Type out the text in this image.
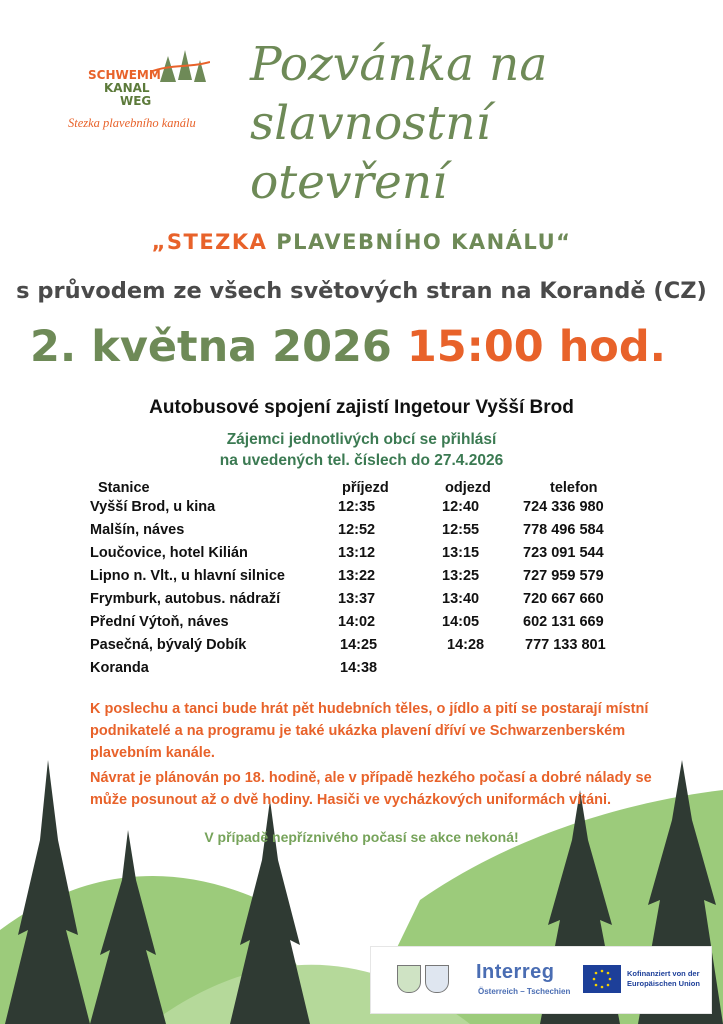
SCHWEMM
KANAL
WEG
Stezka plavebního kanálu
Pozvánka na
slavnostní
otevření
„STEZKA PLAVEBNÍHO KANÁLU“
s průvodem ze všech světových stran na Korandě (CZ)
2. května 2026 15:00 hod.
Autobusové spojení zajistí Ingetour Vyšší Brod
Zájemci jednotlivých obcí se přihlásí
na uvedených tel. číslech do 27.4.2026
Stanice	příjezd	odjezd	telefon
Vyšší Brod, u kina	12:35	12:40	724 336 980
Malšín, náves	12:52	12:55	778 496 584
Loučovice, hotel Kilián	13:12	13:15	723 091 544
Lipno n. Vlt., u hlavní silnice	13:22	13:25	727 959 579
Frymburk, autobus. nádraží	13:37	13:40	720 667 660
Přední Výtoň, náves	14:02	14:05	602 131 669
Pasečná, bývalý Dobík	14:25	14:28	777 133 801
Koranda	14:38
K poslechu a tanci bude hrát pět hudebních těles, o jídlo a pití se postarají místní podnikatelé a na programu je také ukázka plavení dříví ve Schwarzenberském plavebním kanále.
Návrat je plánován po 18. hodině, ale v případě hezkého počasí a dobré nálady se může posunout až o dvě hodiny. Hasiči ve vycházkových uniformách vítáni.
V případě nepříznivého počasí se akce nekoná!
Interreg
Österreich – Tschechien
Kofinanziert von der Europäischen Union
